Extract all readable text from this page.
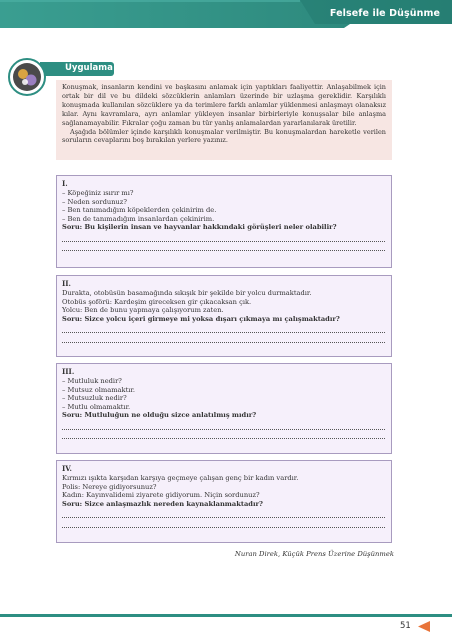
Felsefe ile Düşünme
Uygulama

Konuşmak, insanların kendini ve başkasını anlamak için yaptıkları faaliyettir. Anlaşabilmek için ortak bir dil ve bu dildeki sözcüklerin anlamları üzerinde bir uzlaşma gereklidir. Karşılıklı konuşmada kullanılan sözcüklere ya da terimlere farklı anlamlar yüklenmesi anlaşmayı olanaksız kılar. Aynı kavramlara, ayrı anlamlar yükleyen insanlar birbirleriyle konuşsalar bile anlaşma sağlanamayabilir. Fıkralar çoğu zaman bu tür yanlış anlamalardan yararlanılarak üretilir.

Aşağıda bölümler içinde karşılıklı konuşmalar verilmiştir. Bu konuşmalardan hareketle verilen soruların cevaplarını boş bırakılan yerlere yazınız.

I.
– Köpeğiniz ısırır mı?
– Neden sordunuz?
– Ben tanımadığım köpeklerden çekinirim de.
– Ben de tanımadığım insanlardan çekinirim.
Soru: Bu kişilerin insan ve hayvanlar hakkındaki görüşleri neler olabilir?
II.
Durakta, otobüsün basamağında sıkışık bir şekilde bir yolcu durmaktadır.
Otobüs şoförü: Kardeşim gireceksen gir çıkacaksan çık.
Yolcu: Ben de bunu yapmaya çalışıyorum zaten.
Soru: Sizce yolcu içeri girmeye mi yoksa dışarı çıkmaya mı çalışmaktadır?
III.
– Mutluluk nedir?
– Mutsuz olmamaktır.
– Mutsuzluk nedir?
– Mutlu olmamaktır.
Soru: Mutluluğun ne olduğu sizce anlatılmış mıdır?
IV.
Kırmızı ışıkta karşıdan karşıya geçmeye çalışan genç bir kadın vardır.
Polis: Nereye gidiyorsunuz?
Kadın: Kayınvalidemi ziyarete gidiyorum. Niçin sordunuz?
Soru: Sizce anlaşmazlık nereden kaynaklanmaktadır?
Nuran Direk, Küçük Prens Üzerine Düşünmek
51
